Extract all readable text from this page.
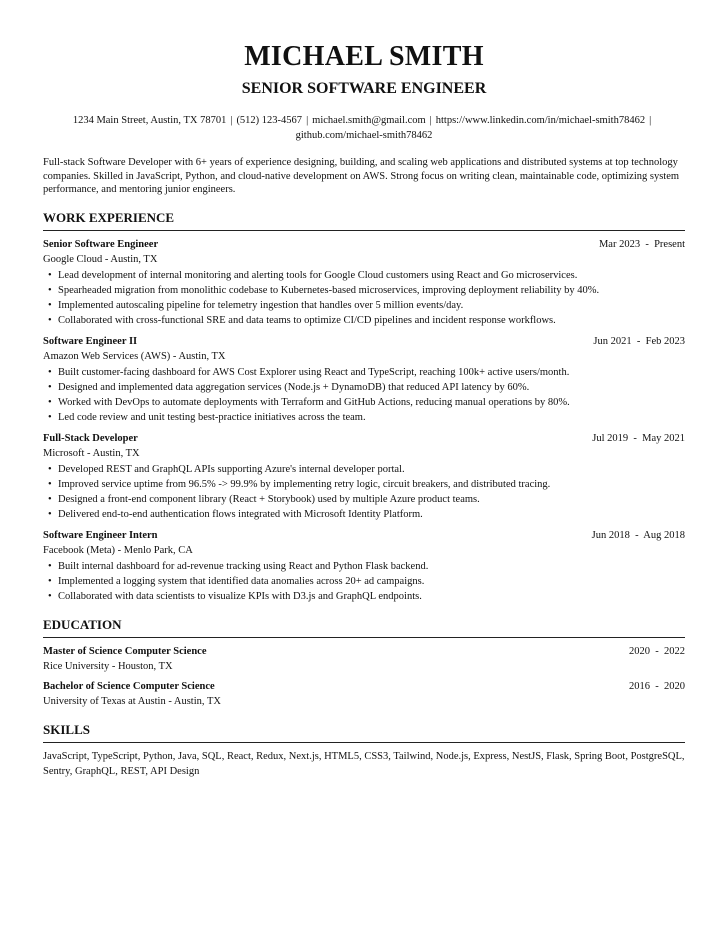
MICHAEL SMITH
SENIOR SOFTWARE ENGINEER
1234 Main Street, Austin, TX 78701 | (512) 123-4567 | michael.smith@gmail.com | https://www.linkedin.com/in/michael-smith78462 |
github.com/michael-smith78462

Full-stack Software Developer with 6+ years of experience designing, building, and scaling web applications and distributed systems at top technology companies. Skilled in JavaScript, Python, and cloud-native development on AWS. Strong focus on writing clean, maintainable code, optimizing system performance, and mentoring junior engineers.

WORK EXPERIENCE
Senior Software Engineer	Mar 2023  -  Present
Google Cloud - Austin, TX
• Lead development of internal monitoring and alerting tools for Google Cloud customers using React and Go microservices.
• Spearheaded migration from monolithic codebase to Kubernetes-based microservices, improving deployment reliability by 40%.
• Implemented autoscaling pipeline for telemetry ingestion that handles over 5 million events/day.
• Collaborated with cross-functional SRE and data teams to optimize CI/CD pipelines and incident response workflows.
Software Engineer II	Jun 2021  -  Feb 2023
Amazon Web Services (AWS) - Austin, TX
• Built customer-facing dashboard for AWS Cost Explorer using React and TypeScript, reaching 100k+ active users/month.
• Designed and implemented data aggregation services (Node.js + DynamoDB) that reduced API latency by 60%.
• Worked with DevOps to automate deployments with Terraform and GitHub Actions, reducing manual operations by 80%.
• Led code review and unit testing best-practice initiatives across the team.
Full-Stack Developer	Jul 2019  -  May 2021
Microsoft - Austin, TX
• Developed REST and GraphQL APIs supporting Azure's internal developer portal.
• Improved service uptime from 96.5% -> 99.9% by implementing retry logic, circuit breakers, and distributed tracing.
• Designed a front-end component library (React + Storybook) used by multiple Azure product teams.
• Delivered end-to-end authentication flows integrated with Microsoft Identity Platform.
Software Engineer Intern	Jun 2018  -  Aug 2018
Facebook (Meta) - Menlo Park, CA
• Built internal dashboard for ad-revenue tracking using React and Python Flask backend.
• Implemented a logging system that identified data anomalies across 20+ ad campaigns.
• Collaborated with data scientists to visualize KPIs with D3.js and GraphQL endpoints.
EDUCATION
Master of Science Computer Science	2020  -  2022
Rice University - Houston, TX
Bachelor of Science Computer Science	2016  -  2020
University of Texas at Austin - Austin, TX
SKILLS
JavaScript, TypeScript, Python, Java, SQL, React, Redux, Next.js, HTML5, CSS3, Tailwind, Node.js, Express, NestJS, Flask, Spring Boot, PostgreSQL, Sentry, GraphQL, REST, API Design
